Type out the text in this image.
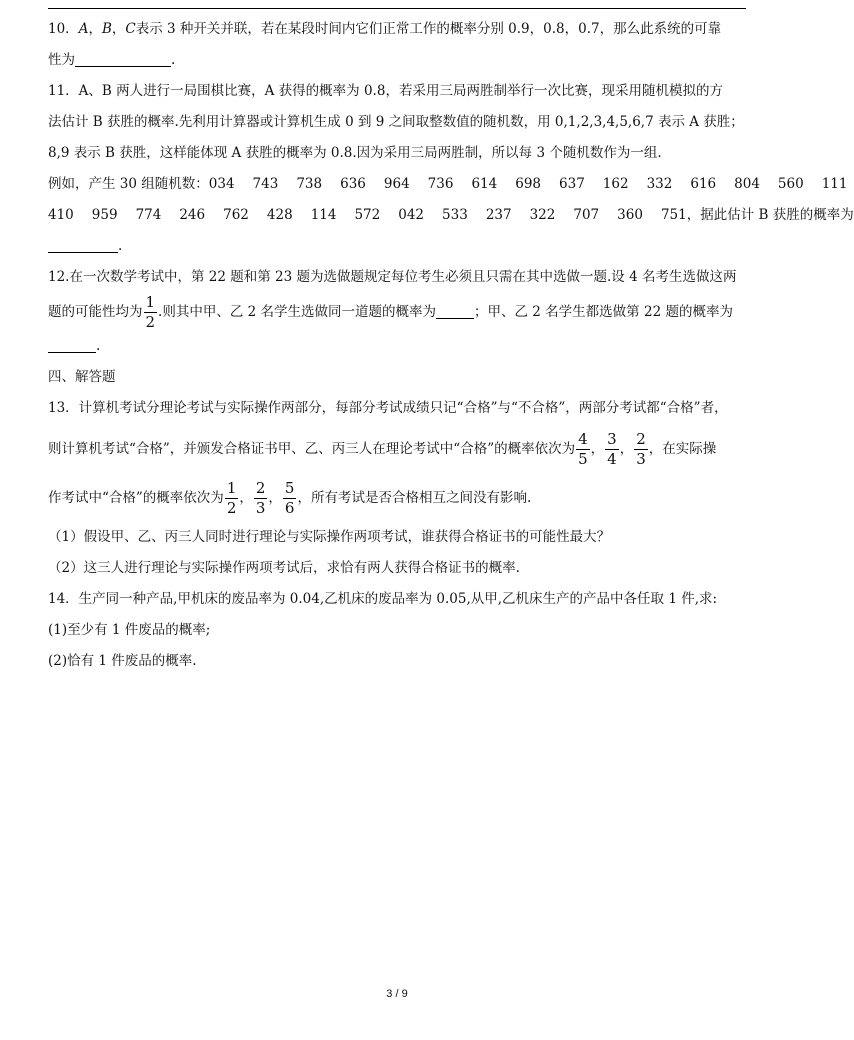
10．A，B，C表示 3 种开关并联，若在某段时间内它们正常工作的概率分别 0.9，0.8，0.7，那么此系统的可靠
性为	.
11．A、B 两人进行一局围棋比赛，A 获得的概率为 0.8，若采用三局两胜制举行一次比赛，现采用随机模拟的方
法估计 B 获胜的概率.先利用计算器或计算机生成 0 到 9 之间取整数值的随机数，用 0,1,2,3,4,5,6,7 表示 A 获胜；
8,9 表示 B 获胜，这样能体现 A 获胜的概率为 0.8.因为采用三局两胜制，所以每 3 个随机数作为一组.
例如，产生 30 组随机数：034 743 738 636 964 736 614 698 637 162 332 616 804 560 111
410 959 774 246 762 428 114 572 042 533 237 322 707 360 751，据此估计 B 获胜的概率为
.
12.在一次数学考试中，第 22 题和第 23 题为选做题规定每位考生必须且只需在其中选做一题.设 4 名考生选做这两
题的可能性均为 $\frac{1}{2}$ .则其中甲、乙 2 名学生选做同一道题的概率为	；甲、乙 2 名学生都选做第 22 题的概率为
.
四、解答题
13．计算机考试分理论考试与实际操作两部分，每部分考试成绩只记“合格”与“不合格”，两部分考试都“合格”者，
则计算机考试“合格”，并颁发合格证书甲、乙、丙三人在理论考试中“合格”的概率依次为 $\frac{4}{5}$ ， $\frac{3}{4}$ ， $\frac{2}{3}$ ，在实际操
作考试中“合格”的概率依次为 $\frac{1}{2}$ ， $\frac{2}{3}$ ， $\frac{5}{6}$ ，所有考试是否合格相互之间没有影响.
（1）假设甲、乙、丙三人同时进行理论与实际操作两项考试，谁获得合格证书的可能性最大？
（2）这三人进行理论与实际操作两项考试后，求恰有两人获得合格证书的概率.
14．生产同一种产品,甲机床的废品率为 0.04,乙机床的废品率为 0.05,从甲,乙机床生产的产品中各任取 1 件,求:
(1)至少有 1 件废品的概率;
(2)恰有 1 件废品的概率.
3 / 9
